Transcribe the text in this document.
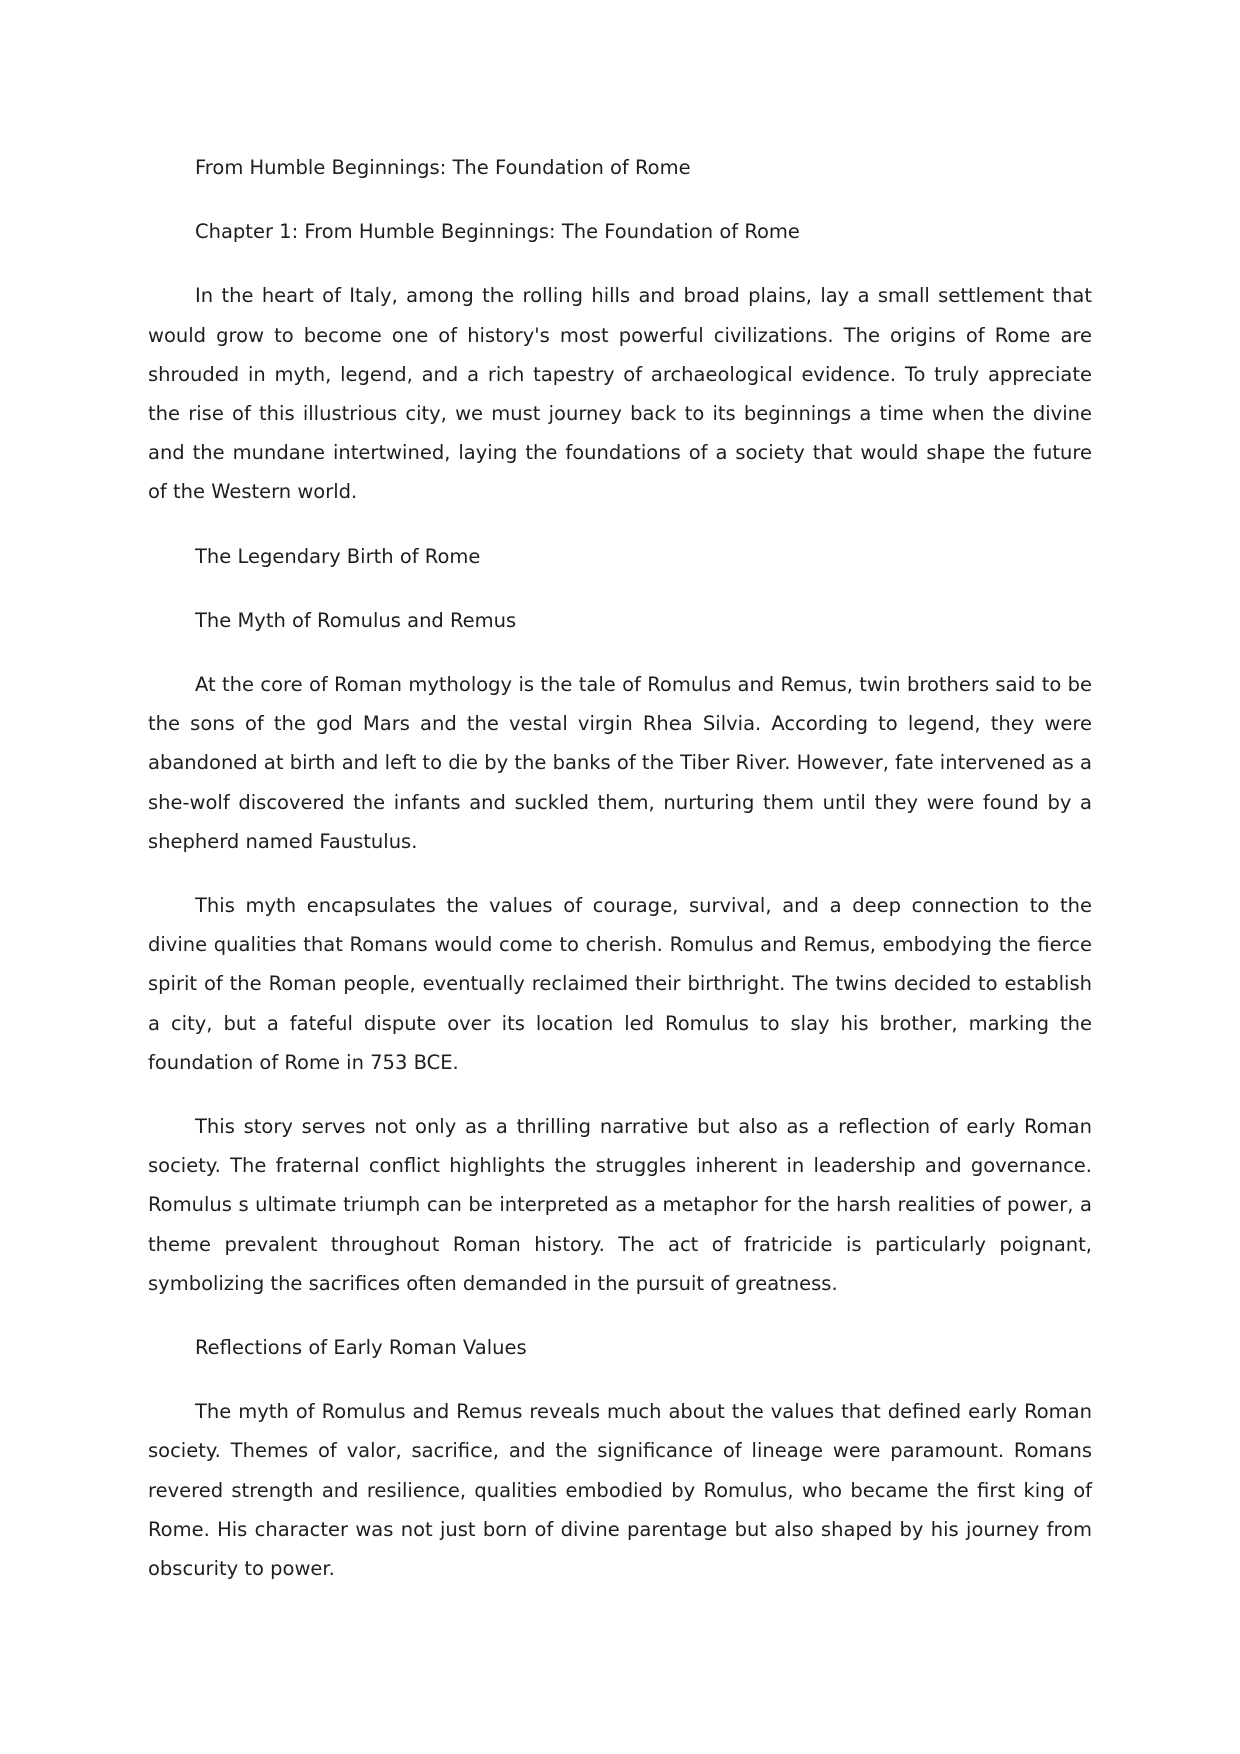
From Humble Beginnings: The Foundation of Rome
Chapter 1: From Humble Beginnings: The Foundation of Rome

In the heart of Italy, among the rolling hills and broad plains, lay a small settlement that would grow to become one of history's most powerful civilizations. The origins of Rome are shrouded in myth, legend, and a rich tapestry of archaeological evidence. To truly appreciate the rise of this illustrious city, we must journey back to its beginnings a time when the divine and the mundane intertwined, laying the foundations of a society that would shape the future of the Western world.

The Legendary Birth of Rome
The Myth of Romulus and Remus

At the core of Roman mythology is the tale of Romulus and Remus, twin brothers said to be the sons of the god Mars and the vestal virgin Rhea Silvia. According to legend, they were abandoned at birth and left to die by the banks of the Tiber River. However, fate intervened as a she-wolf discovered the infants and suckled them, nurturing them until they were found by a shepherd named Faustulus.

This myth encapsulates the values of courage, survival, and a deep connection to the divine qualities that Romans would come to cherish. Romulus and Remus, embodying the fierce spirit of the Roman people, eventually reclaimed their birthright. The twins decided to establish a city, but a fateful dispute over its location led Romulus to slay his brother, marking the foundation of Rome in 753 BCE.

This story serves not only as a thrilling narrative but also as a reflection of early Roman society. The fraternal conflict highlights the struggles inherent in leadership and governance. Romulus s ultimate triumph can be interpreted as a metaphor for the harsh realities of power, a theme prevalent throughout Roman history. The act of fratricide is particularly poignant, symbolizing the sacrifices often demanded in the pursuit of greatness.

Reflections of Early Roman Values

The myth of Romulus and Remus reveals much about the values that defined early Roman society. Themes of valor, sacrifice, and the significance of lineage were paramount. Romans revered strength and resilience, qualities embodied by Romulus, who became the first king of Rome. His character was not just born of divine parentage but also shaped by his journey from obscurity to power.
